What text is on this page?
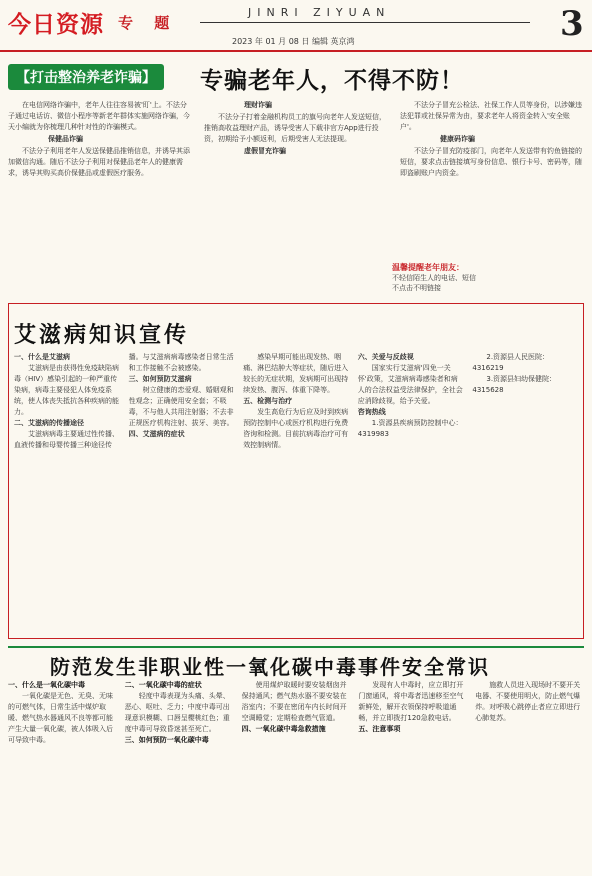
今日资源 专 题
JINRI ZIYUAN
2023 年 01 月 08 日 编辑 英京鸿	3
【打击整治养老诈骗】	专骗老年人，不得不防！

在电信网络诈骗中，老年人往往容易被'盯'上。不法分子通过电话访、微信小程序等新老年群体实施网络诈骗，今天小编就为你梳理几种针对性的诈骗模式。

保健品诈骗

不法分子利用老年人发送保健品推销信息，并诱导其添加微信沟通。随后不法分子利用对保健品老年人的健康需求，诱导其购买高价保健品或虚假医疗服务。

理财诈骗

不法分子打着金融机构员工的旗号向老年人发送短信，推销高收益理财产品，诱导受害人下载非官方App进行投资，初期给予小额返利，后期受害人无法提现。

虚假冒充诈骗

不法分子冒充公检法、社保工作人员等身份，以涉嫌违法犯罪或社保异常为由，要求老年人将资金转入'安全账户'。

健康码诈骗

不法分子冒充防疫部门，向老年人发送带有钓鱼链接的短信，要求点击链接填写身份信息、银行卡号、密码等，随即盗刷账户内资金。

温馨提醒老年朋友：
不轻信陌生人的电话、短信
不点击不明链接
艾滋病知识宣传

一、什么是艾滋病

艾滋病是由获得性免疫缺陷病毒（HIV）感染引起的一种严重传染病，病毒主要侵犯人体免疫系统，使人体丧失抵抗各种疾病的能力。

二、艾滋病的传播途径

艾滋病病毒主要通过性传播、血液传播和母婴传播三种途径传播。与艾滋病病毒感染者日常生活和工作接触不会被感染。

三、如何预防艾滋病

树立健康的恋爱观、婚姻观和性观念；正确使用安全套；不吸毒，不与他人共用注射器；不去非正规医疗机构注射、拔牙、美容。

四、艾滋病的症状

感染早期可能出现发热、咽痛、淋巴结肿大等症状，随后进入较长的无症状期，发病期可出现持续发热、腹泻、体重下降等。

五、检测与治疗

发生高危行为后应及时到疾病预防控制中心或医疗机构进行免费咨询和检测。目前抗病毒治疗可有效控制病情。

六、关爱与反歧视

国家实行艾滋病'四免一关怀'政策，艾滋病病毒感染者和病人的合法权益受法律保护，全社会应消除歧视，给予关爱。

咨询热线

1.资源县疾病预防控制中心：4319983

2.资源县人民医院：4316219

3.资源县妇幼保健院：4315628

防范发生非职业性一氧化碳中毒事件安全常识

一、什么是一氧化碳中毒

一氧化碳是无色、无臭、无味的可燃气体，日常生活中煤炉取暖、燃气热水器通风不良等都可能产生大量一氧化碳，被人体吸入后可导致中毒。

二、一氧化碳中毒的症状

轻度中毒表现为头痛、头晕、恶心、呕吐、乏力；中度中毒可出现意识模糊、口唇呈樱桃红色；重度中毒可导致昏迷甚至死亡。

三、如何预防一氧化碳中毒

使用煤炉取暖时要安装烟囱并保持通风；燃气热水器不要安装在浴室内；不要在密闭车内长时间开空调睡觉；定期检查燃气管道。

四、一氧化碳中毒急救措施

发现有人中毒时，应立即打开门窗通风，将中毒者迅速移至空气新鲜处，解开衣领保持呼吸道通畅，并立即拨打120急救电话。

五、注意事项

施救人员进入现场时不要开关电器、不要使用明火，防止燃气爆炸。对呼吸心跳停止者应立即进行心肺复苏。
